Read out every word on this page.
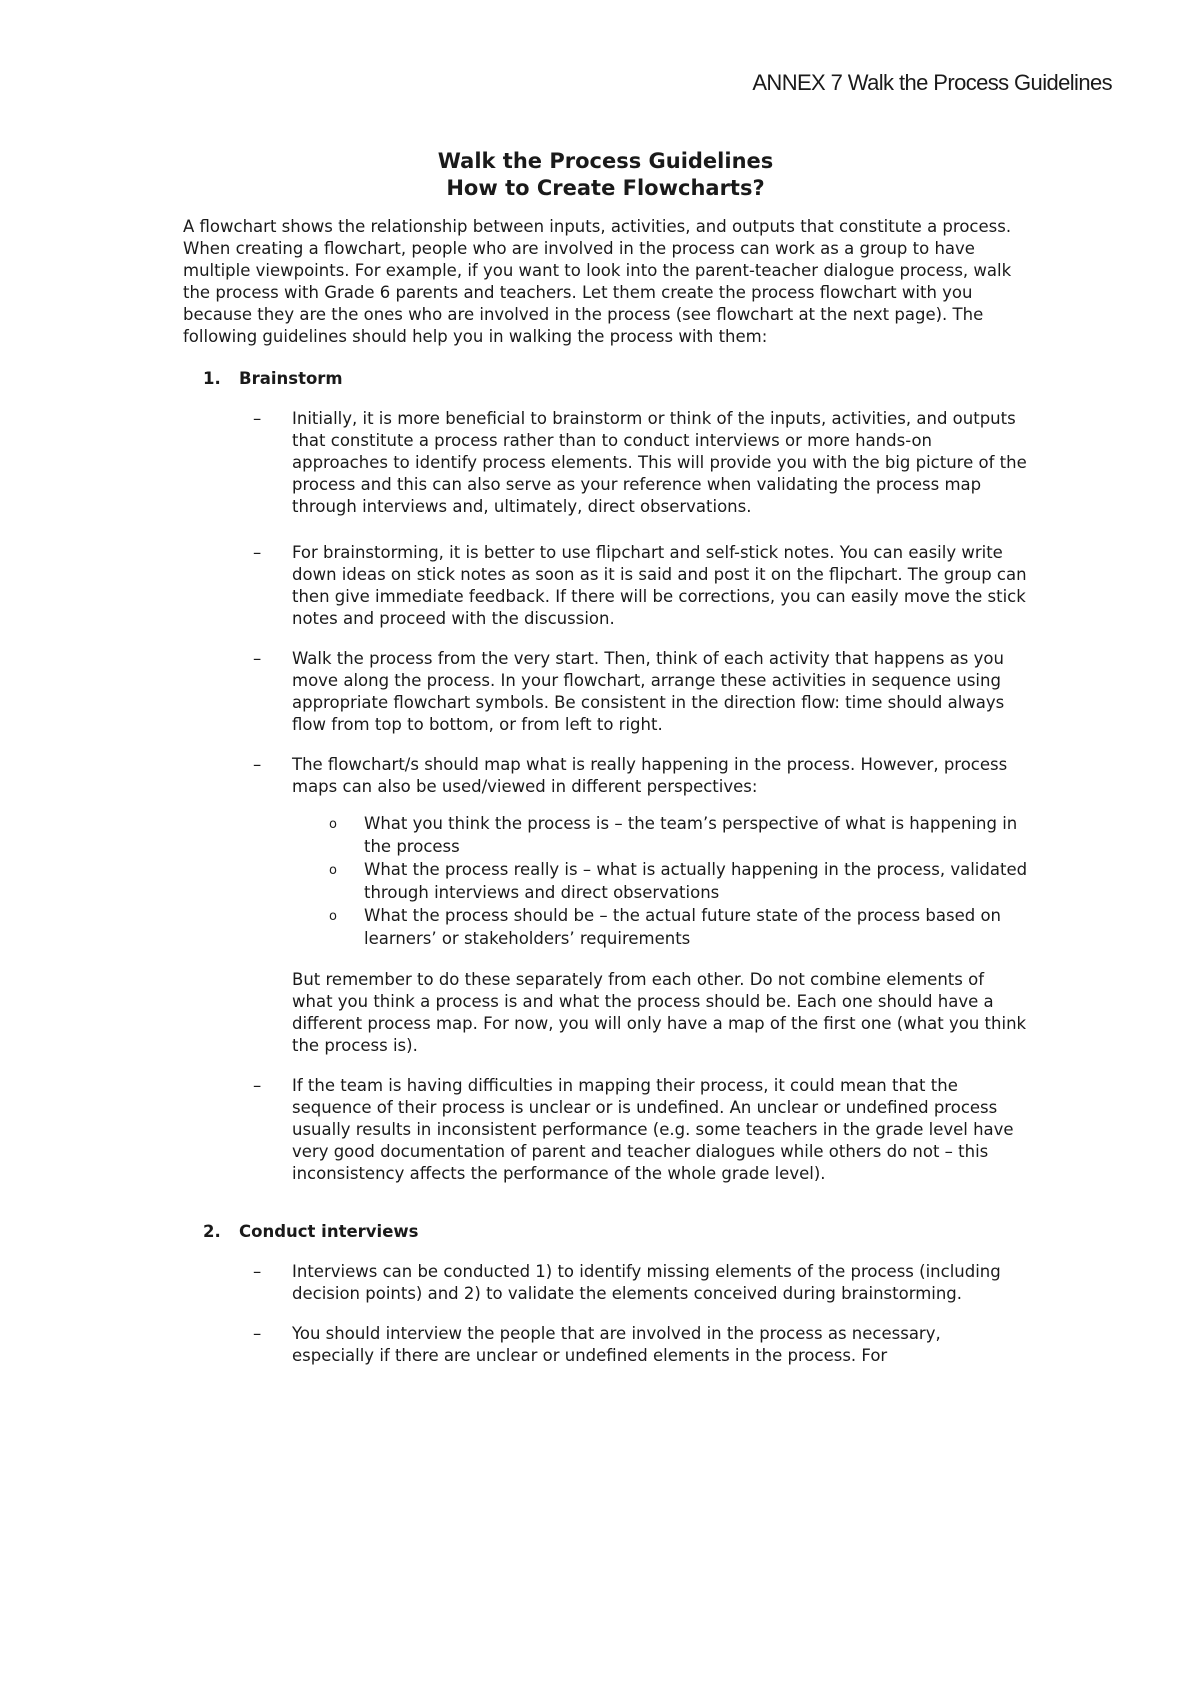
ANNEX 7 Walk the Process Guidelines

Walk the Process Guidelines
How to Create Flowcharts?

A flowchart shows the relationship between inputs, activities, and outputs that constitute a process. When creating a flowchart, people who are involved in the process can work as a group to have multiple viewpoints. For example, if you want to look into the parent-teacher dialogue process, walk the process with Grade 6 parents and teachers. Let them create the process flowchart with you because they are the ones who are involved in the process (see flowchart at the next page). The following guidelines should help you in walking the process with them:

1. Brainstorm
– Initially, it is more beneficial to brainstorm or think of the inputs, activities, and outputs that constitute a process rather than to conduct interviews or more hands-on approaches to identify process elements. This will provide you with the big picture of the process and this can also serve as your reference when validating the process map through interviews and, ultimately, direct observations.
– For brainstorming, it is better to use flipchart and self-stick notes. You can easily write down ideas on stick notes as soon as it is said and post it on the flipchart. The group can then give immediate feedback. If there will be corrections, you can easily move the stick notes and proceed with the discussion.
– Walk the process from the very start. Then, think of each activity that happens as you move along the process. In your flowchart, arrange these activities in sequence using appropriate flowchart symbols. Be consistent in the direction flow: time should always flow from top to bottom, or from left to right.
– The flowchart/s should map what is really happening in the process. However, process maps can also be used/viewed in different perspectives:
o What you think the process is – the team’s perspective of what is happening in the process
o What the process really is – what is actually happening in the process, validated through interviews and direct observations
o What the process should be – the actual future state of the process based on learners’ or stakeholders’ requirements

But remember to do these separately from each other. Do not combine elements of what you think a process is and what the process should be. Each one should have a different process map. For now, you will only have a map of the first one (what you think the process is).

– If the team is having difficulties in mapping their process, it could mean that the sequence of their process is unclear or is undefined. An unclear or undefined process usually results in inconsistent performance (e.g. some teachers in the grade level have very good documentation of parent and teacher dialogues while others do not – this inconsistency affects the performance of the whole grade level).
2. Conduct interviews
– Interviews can be conducted 1) to identify missing elements of the process (including decision points) and 2) to validate the elements conceived during brainstorming.
– You should interview the people that are involved in the process as necessary, especially if there are unclear or undefined elements in the process. For
